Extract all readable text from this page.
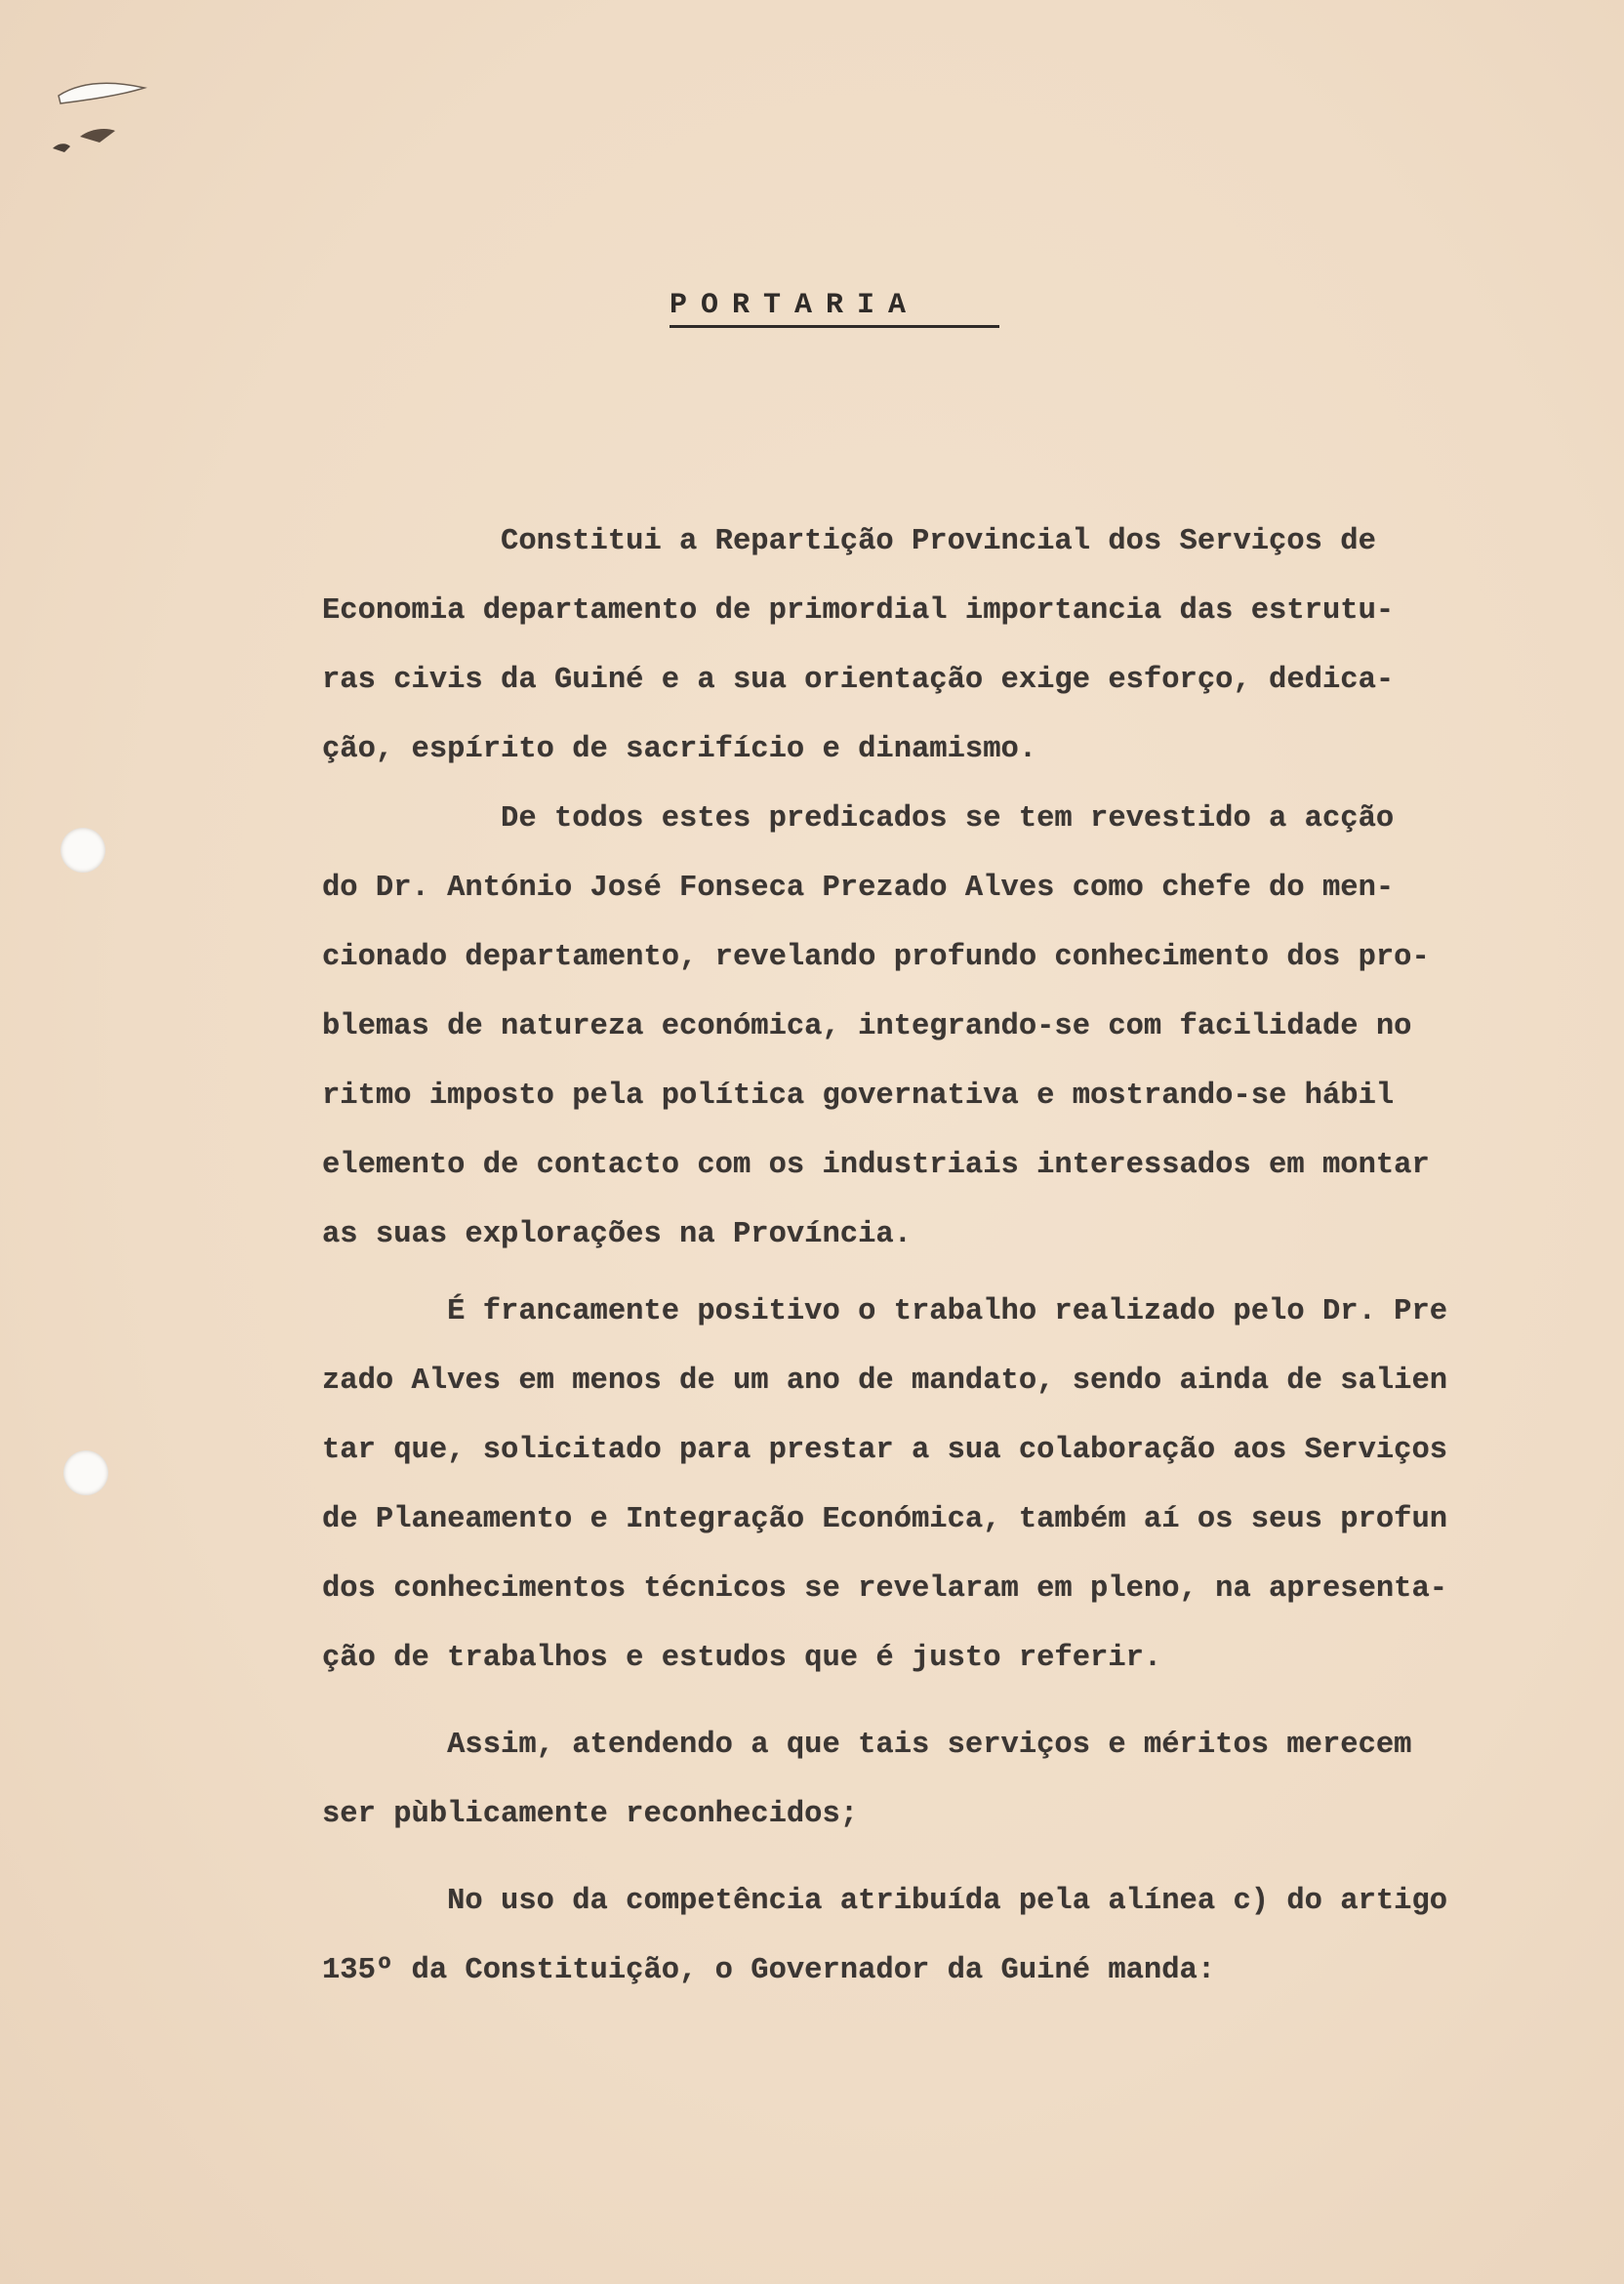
PORTARIA
Constitui a Repartição Provincial dos Serviços de
Economia departamento de primordial importancia das estrutu-
ras civis da Guiné e a sua orientação exige esforço, dedica-
ção, espírito de sacrifício e dinamismo.
De todos estes predicados se tem revestido a acção
do Dr. António José Fonseca Prezado Alves como chefe do men-
cionado departamento, revelando profundo conhecimento dos pro-
blemas de natureza económica, integrando-se com facilidade no
ritmo imposto pela política governativa e mostrando-se hábil
elemento de contacto com os industriais interessados em montar
as suas explorações na Província.
É francamente positivo o trabalho realizado pelo Dr. Pre
zado Alves em menos de um ano de mandato, sendo ainda de salien
tar que, solicitado para prestar a sua colaboração aos Serviços
de Planeamento e Integração Económica, também aí os seus profun
dos conhecimentos técnicos se revelaram em pleno, na apresenta-
ção de trabalhos e estudos que é justo referir.
Assim, atendendo a que tais serviços e méritos merecem
ser pùblicamente reconhecidos;
No uso da competência atribuída pela alínea c) do artigo
135º da Constituição, o Governador da Guiné manda:
